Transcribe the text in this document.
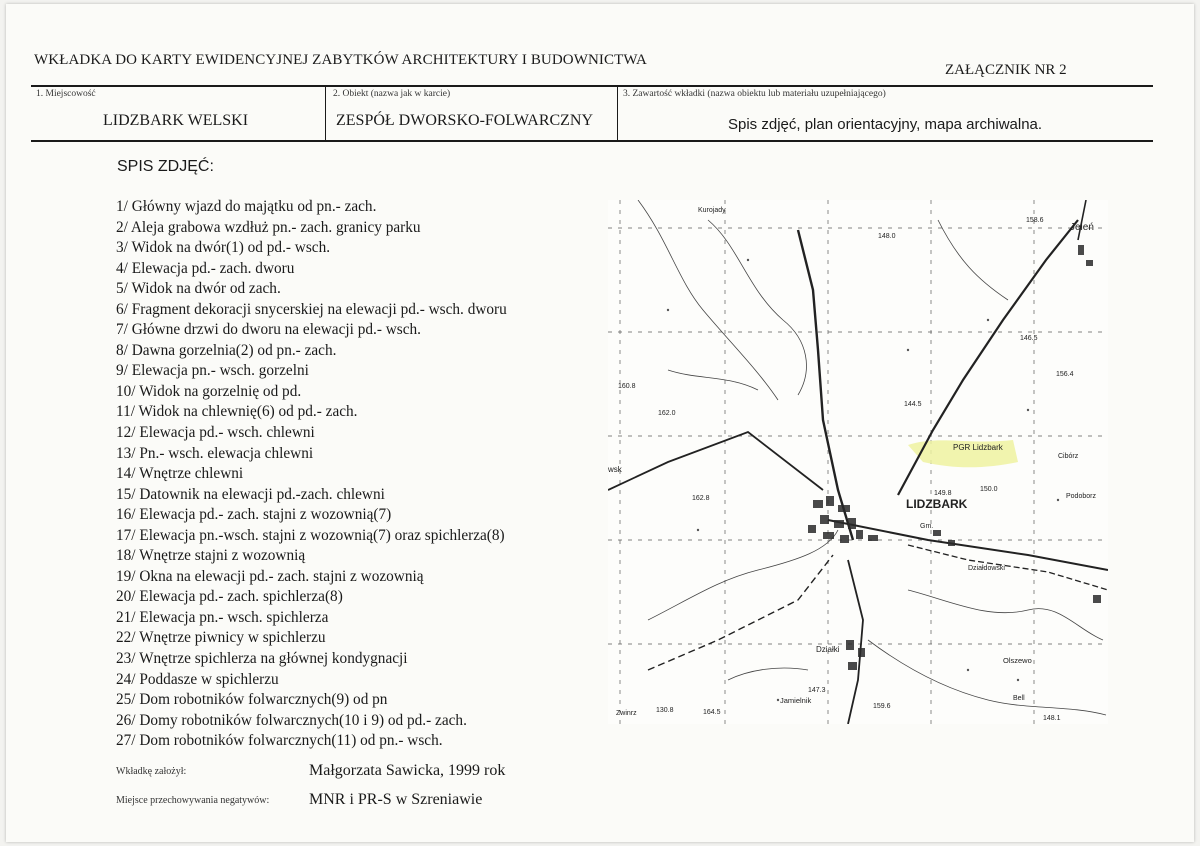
WKŁADKA DO KARTY EWIDENCYJNEJ ZABYTKÓW ARCHITEKTURY I BUDOWNICTWA
ZAŁĄCZNIK NR 2
1. Miejscowość
LIDZBARK WELSKI
2. Obiekt (nazwa jak w karcie)
ZESPÓŁ DWORSKO-FOLWARCZNY
3. Zawartość wkładki (nazwa obiektu lub materiału uzupełniającego)
Spis zdjęć, plan orientacyjny, mapa archiwalna.
SPIS ZDJĘĆ:
1/ Główny wjazd do majątku od pn.- zach.
2/ Aleja grabowa wzdłuż pn.- zach. granicy parku
3/ Widok na dwór(1) od pd.- wsch.
4/ Elewacja pd.- zach. dworu
5/ Widok na dwór od zach.
6/ Fragment dekoracji snycerskiej na elewacji pd.- wsch. dworu
7/ Główne drzwi do dworu na elewacji pd.- wsch.
8/ Dawna gorzelnia(2) od pn.- zach.
9/ Elewacja pn.- wsch. gorzelni
10/ Widok na gorzelnię od pd.
11/ Widok na chlewnię(6) od pd.- zach.
12/ Elewacja pd.- wsch. chlewni
13/ Pn.- wsch. elewacja chlewni
14/ Wnętrze chlewni
15/ Datownik na elewacji pd.-zach. chlewni
16/ Elewacja pd.- zach. stajni z wozownią(7)
17/ Elewacja pn.-wsch. stajni z wozownią(7) oraz spichlerza(8)
18/ Wnętrze stajni z wozownią
19/ Okna na elewacji pd.- zach. stajni z wozownią
20/ Elewacja pd.- zach. spichlerza(8)
21/ Elewacja pn.- wsch. spichlerza
22/ Wnętrze piwnicy w spichlerzu
23/ Wnętrze spichlerza na głównej kondygnacji
24/ Poddasze w spichlerzu
25/ Dom robotników folwarcznych(9) od pn
26/ Domy robotników folwarcznych(10 i 9) od pd.- zach.
27/ Dom robotników folwarcznych(11) od pn.- wsch.
Wkładkę założył:	Małgorzata Sawicka, 1999 rok
Miejsce przechowywania negatywów: MNR i PR-S w Szreniawie
LIDZBARK
PGR Lidzbark
Jeleń
Kurojady
wsk
Działki
Jamielnik
Olszewo
Podoborz
Cibórz
Bell
Zwinrz
Działdowski
Gm.
148.0
158.6
162.8
162.0
160.8
149.8
150.0
147.3
159.6
164.5
130.8
148.1
156.4
146.5
144.5
